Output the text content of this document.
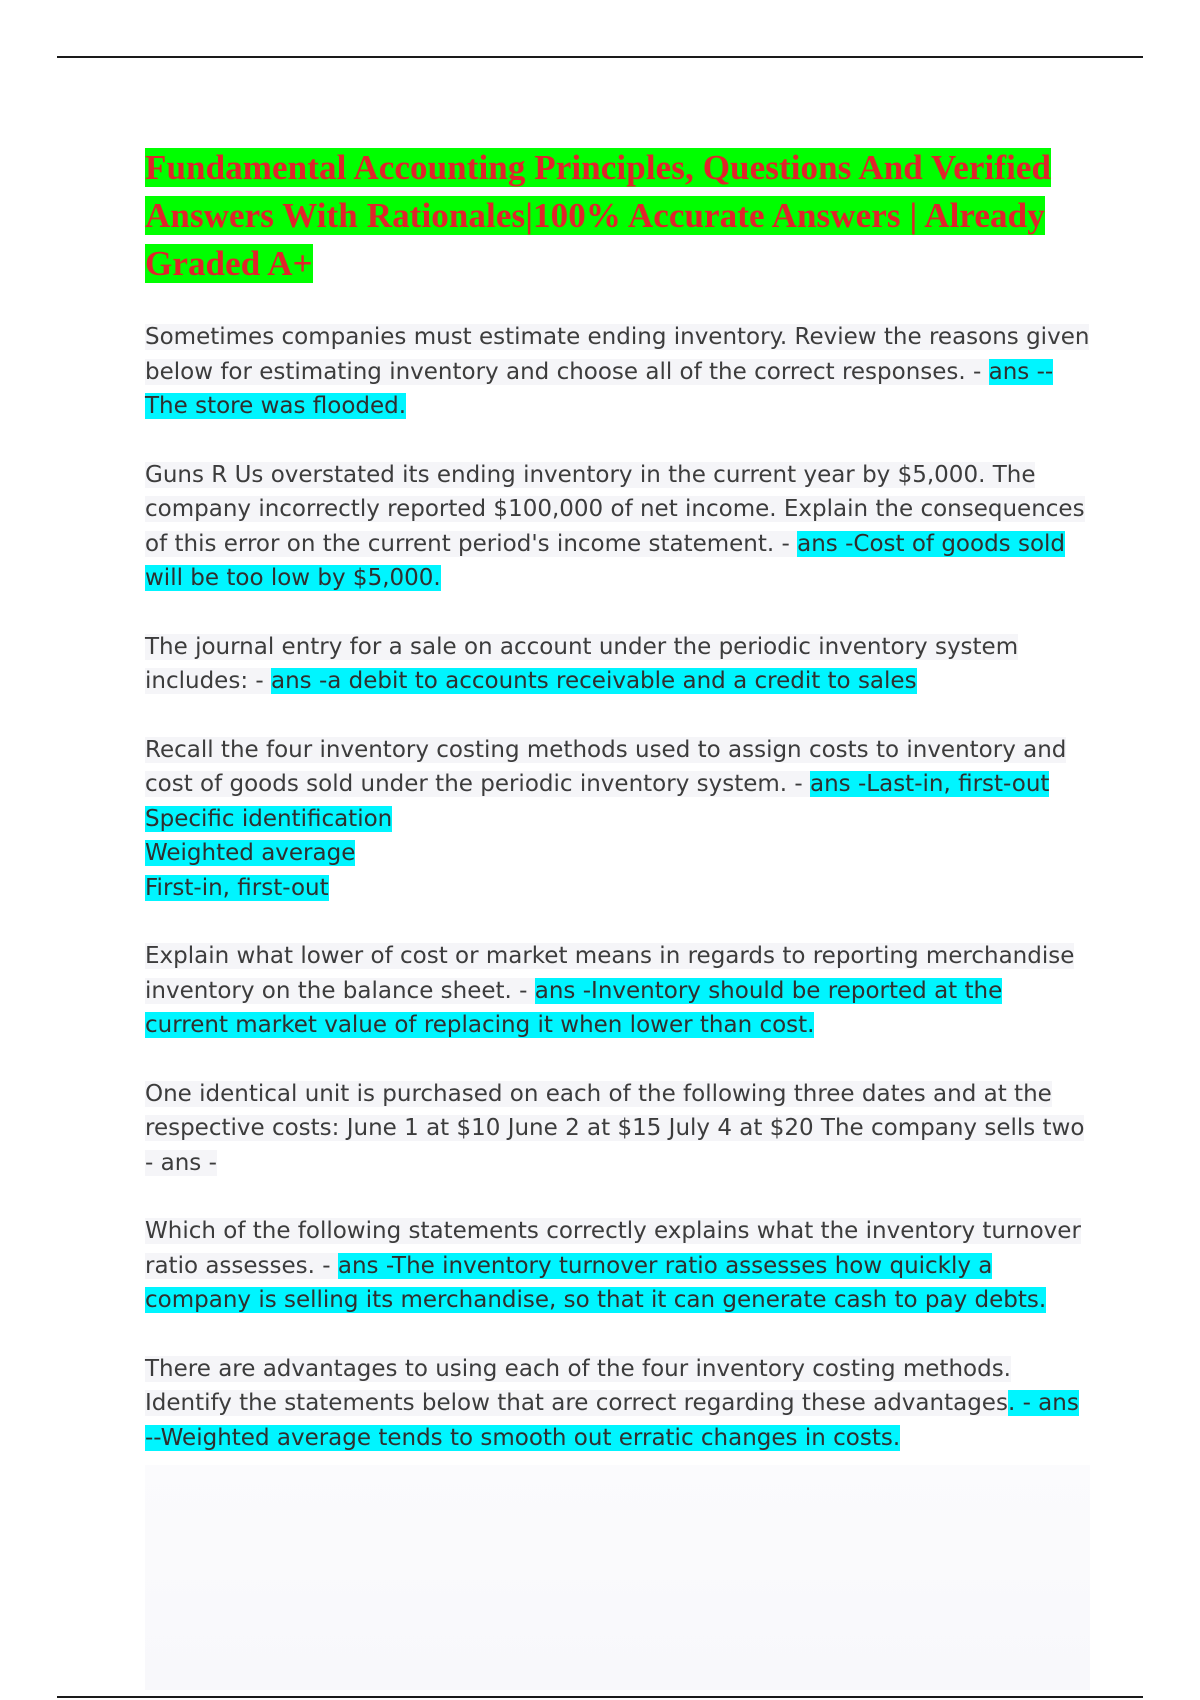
Fundamental Accounting Principles, Questions And Verified Answers With Rationales|100% Accurate Answers | Already Graded A+

Sometimes companies must estimate ending inventory. Review the reasons given below for estimating inventory and choose all of the correct responses. - ans --The store was flooded.

Guns R Us overstated its ending inventory in the current year by $5,000. The company incorrectly reported $100,000 of net income. Explain the consequences of this error on the current period's income statement. - ans -Cost of goods sold will be too low by $5,000.

The journal entry for a sale on account under the periodic inventory system includes: - ans -a debit to accounts receivable and a credit to sales

Recall the four inventory costing methods used to assign costs to inventory and cost of goods sold under the periodic inventory system. - ans -Last-in, first-out
Specific identification
Weighted average
First-in, first-out

Explain what lower of cost or market means in regards to reporting merchandise inventory on the balance sheet. - ans -Inventory should be reported at the current market value of replacing it when lower than cost.

One identical unit is purchased on each of the following three dates and at the respective costs: June 1 at $10 June 2 at $15 July 4 at $20 The company sells two - ans -

Which of the following statements correctly explains what the inventory turnover ratio assesses. - ans -The inventory turnover ratio assesses how quickly a company is selling its merchandise, so that it can generate cash to pay debts.

There are advantages to using each of the four inventory costing methods. Identify the statements below that are correct regarding these advantages. - ans --Weighted average tends to smooth out erratic changes in costs.
